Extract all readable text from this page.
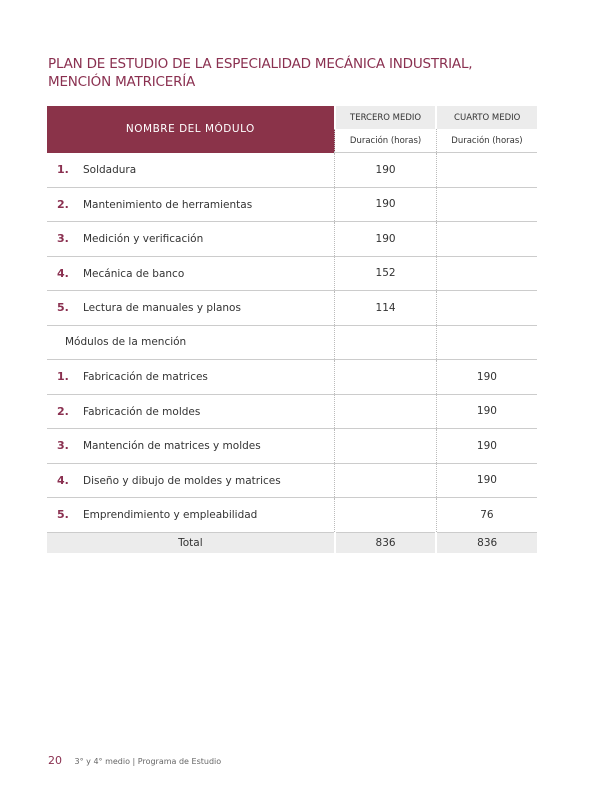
PLAN DE ESTUDIO DE LA ESPECIALIDAD MECÁNICA INDUSTRIAL, MENCIÓN MATRICERÍA
NOMBRE DEL MÓDULO	TERCERO MEDIO	CUARTO MEDIO
	Duración (horas)	Duración (horas)
1. Soldadura	190	
2. Mantenimiento de herramientas	190	
3. Medición y verificación	190	
4. Mecánica de banco	152	
5. Lectura de manuales y planos	114	
Módulos de la mención		
1. Fabricación de matrices		190
2. Fabricación de moldes		190
3. Mantención de matrices y moldes		190
4. Diseño y dibujo de moldes y matrices		190
5. Emprendimiento y empleabilidad		76
Total	836	836
20 3° y 4° medio | Programa de Estudio
